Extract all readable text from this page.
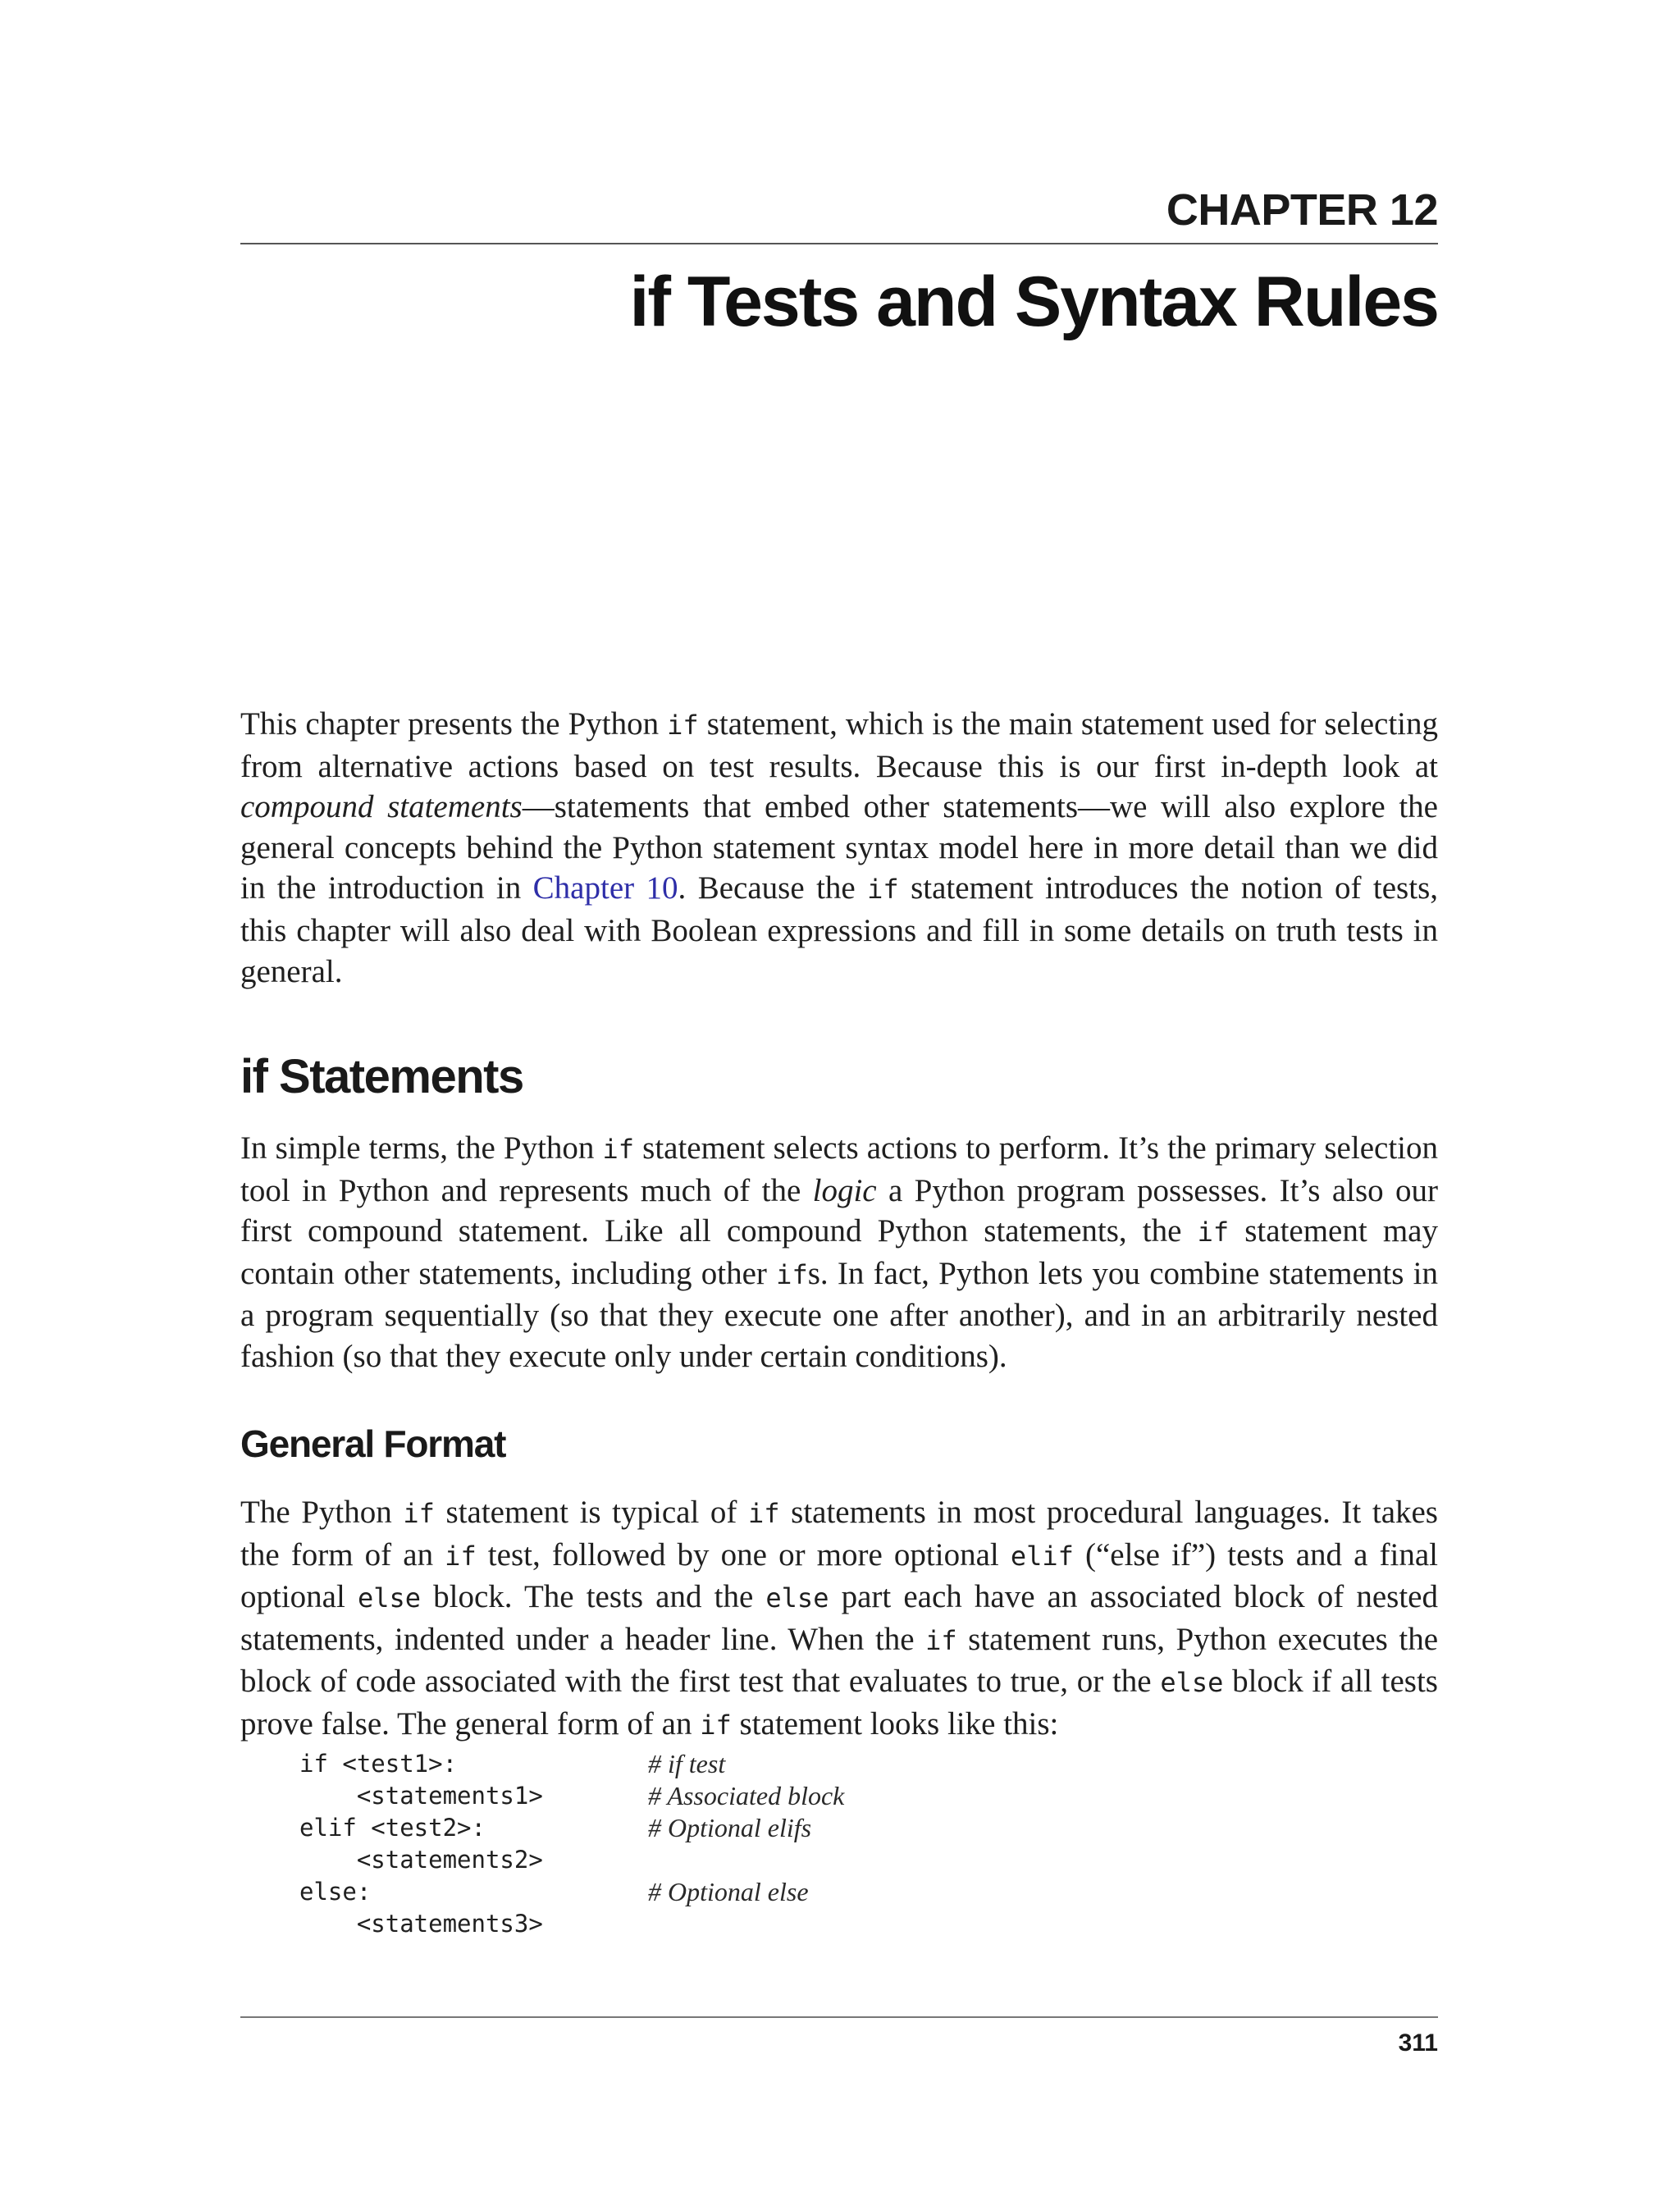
CHAPTER 12
if Tests and Syntax Rules

This chapter presents the Python if statement, which is the main statement used for selecting from alternative actions based on test results. Because this is our first in-depth look at compound statements—statements that embed other statements—we will also explore the general concepts behind the Python statement syntax model here in more detail than we did in the introduction in Chapter 10. Because the if statement introduces the notion of tests, this chapter will also deal with Boolean expressions and fill in some details on truth tests in general.

if Statements

In simple terms, the Python if statement selects actions to perform. It’s the primary selection tool in Python and represents much of the logic a Python program possesses. It’s also our first compound statement. Like all compound Python statements, the if statement may contain other statements, including other ifs. In fact, Python lets you combine statements in a program sequentially (so that they execute one after another), and in an arbitrarily nested fashion (so that they execute only under certain conditions).

General Format

The Python if statement is typical of if statements in most procedural languages. It takes the form of an if test, followed by one or more optional elif (“else if”) tests and a final optional else block. The tests and the else part each have an associated block of nested statements, indented under a header line. When the if statement runs, Python executes the block of code associated with the first test that evaluates to true, or the else block if all tests prove false. The general form of an if statement looks like this:

if <test1>:

	# if test

<statements1>

	# Associated block

elif <test2>:

	# Optional elifs

<statements2>

else:

	# Optional else

<statements3>

311
